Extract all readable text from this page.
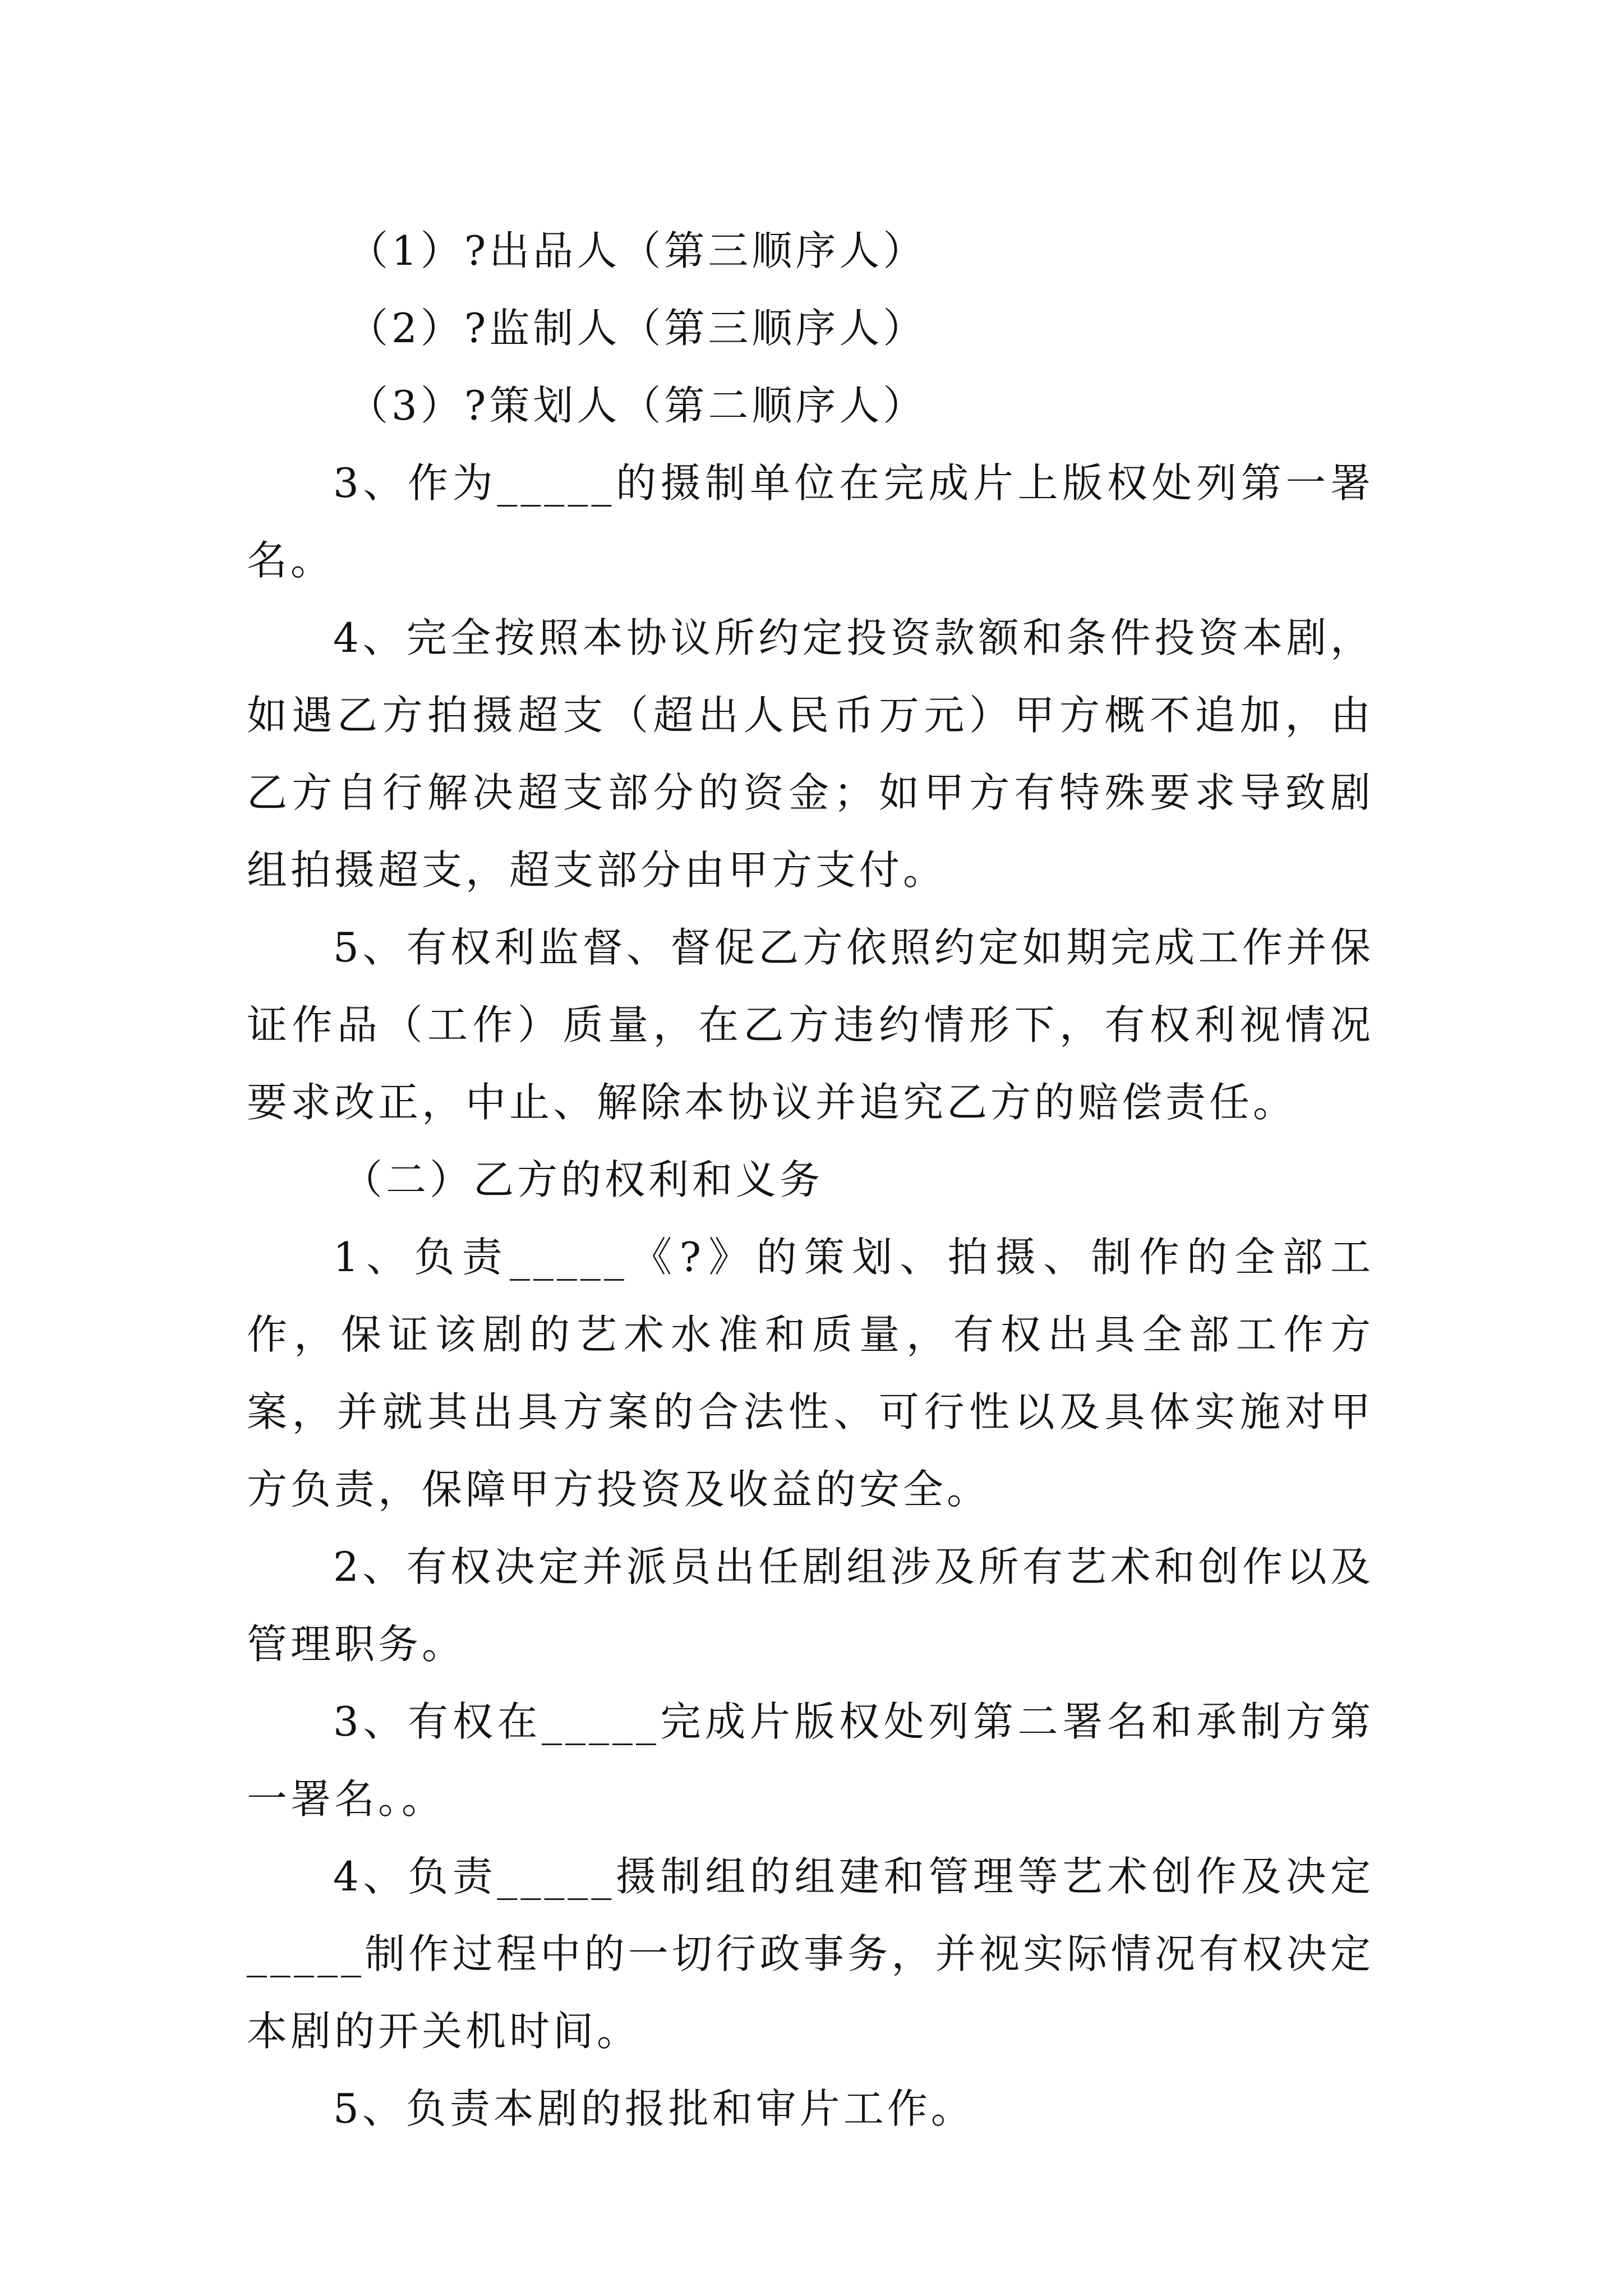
（1）?出品人（第三顺序人）

（2）?监制人（第三顺序人）

（3）?策划人（第二顺序人）

3、作为_____的摄制单位在完成片上版权处列第一署名。

4、完全按照本协议所约定投资款额和条件投资本剧，如遇乙方拍摄超支（超出人民币万元）甲方概不追加，由乙方自行解决超支部分的资金；如甲方有特殊要求导致剧组拍摄超支，超支部分由甲方支付。

5、有权利监督、督促乙方依照约定如期完成工作并保证作品（工作）质量，在乙方违约情形下，有权利视情况要求改正，中止、解除本协议并追究乙方的赔偿责任。

（二）乙方的权利和义务

1、负责_____《?》的策划、拍摄、制作的全部工作，保证该剧的艺术水准和质量，有权出具全部工作方案，并就其出具方案的合法性、可行性以及具体实施对甲方负责，保障甲方投资及收益的安全。

2、有权决定并派员出任剧组涉及所有艺术和创作以及管理职务。

3、有权在_____完成片版权处列第二署名和承制方第一署名。。

4、负责_____摄制组的组建和管理等艺术创作及决定_____制作过程中的一切行政事务，并视实际情况有权决定本剧的开关机时间。

5、负责本剧的报批和审片工作。
